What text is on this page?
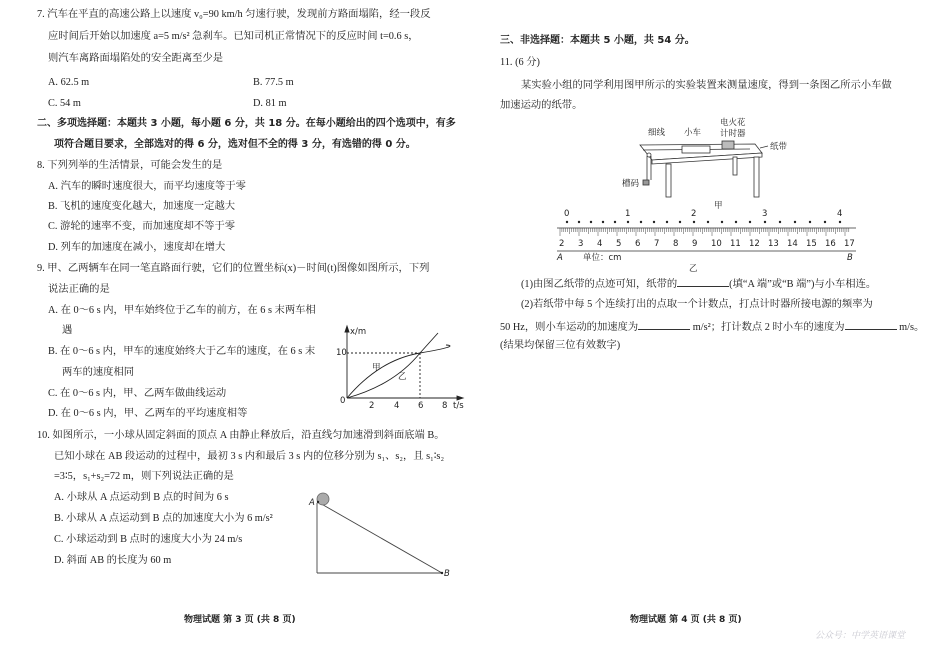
7. 汽车在平直的高速公路上以速度 v₀=90 km/h 匀速行驶，发现前方路面塌陷，经一段反
应时间后开始以加速度 a=5 m/s² 急刹车。已知司机正常情况下的反应时间 t=0.6 s，
则汽车离路面塌陷处的安全距离至少是
A. 62.5 m	B. 77.5 m
C. 54 m	D. 81 m
二、多项选择题：本题共 3 小题，每小题 6 分，共 18 分。在每小题给出的四个选项中，有多
项符合题目要求，全部选对的得 6 分，选对但不全的得 3 分，有选错的得 0 分。
8. 下列列举的生活情景，可能会发生的是
A. 汽车的瞬时速度很大，而平均速度等于零
B. 飞机的速度变化越大，加速度一定越大
C. 游轮的速率不变，而加速度却不等于零
D. 列车的加速度在减小，速度却在增大
9. 甲、乙两辆车在同一笔直路面行驶，它们的位置坐标(x)－时间(t)图像如图所示，下列
说法正确的是
A. 在 0～6 s 内，甲车始终位于乙车的前方，在 6 s 末两车相
遇
B. 在 0～6 s 内，甲车的速度始终大于乙车的速度，在 6 s 末
两车的速度相同
C. 在 0～6 s 内，甲、乙两车做曲线运动
D. 在 0～6 s 内，甲、乙两车的平均速度相等
10. 如图所示，一小球从固定斜面的顶点 A 由静止释放后，沿直线匀加速滑到斜面底端 B。
已知小球在 AB 段运动的过程中，最初 3 s 内和最后 3 s 内的位移分别为 s₁、s₂，且 s₁∶s₂
=3∶5，s₁+s₂=72 m，则下列说法正确的是
A. 小球从 A 点运动到 B 点的时间为 6 s
B. 小球从 A 点运动到 B 点的加速度大小为 6 m/s²
C. 小球运动到 B 点时的速度大小为 24 m/s
D. 斜面 AB 的长度为 60 m
物理试题 第 3 页 (共 8 页)
x/m
10
0	2 4 6 8 t/s
甲
乙
A
B
三、非选择题：本题共 5 小题，共 54 分。
11. (6 分)
某实验小组的同学利用图甲所示的实验装置来测量速度，得到一条图乙所示小车做
加速运动的纸带。
细线 小车
电火花
计时器
纸带
槽码
甲
0	1	2	3	4
2 3 4 5 6 7 8 9 10 11 12 13 14 15 16 17
A 单位：cm	B
乙
(1)由图乙纸带的点迹可知，纸带的	(填“A 端”或“B 端”)与小车相连。
(2)若纸带中每 5 个连续打出的点取一个计数点，打点计时器所接电源的频率为
50 Hz，则小车运动的加速度为	m/s²；打计数点 2 时小车的速度为	m/s。
(结果均保留三位有效数字)
物理试题 第 4 页 (共 8 页)
公众号：中学英语课堂
